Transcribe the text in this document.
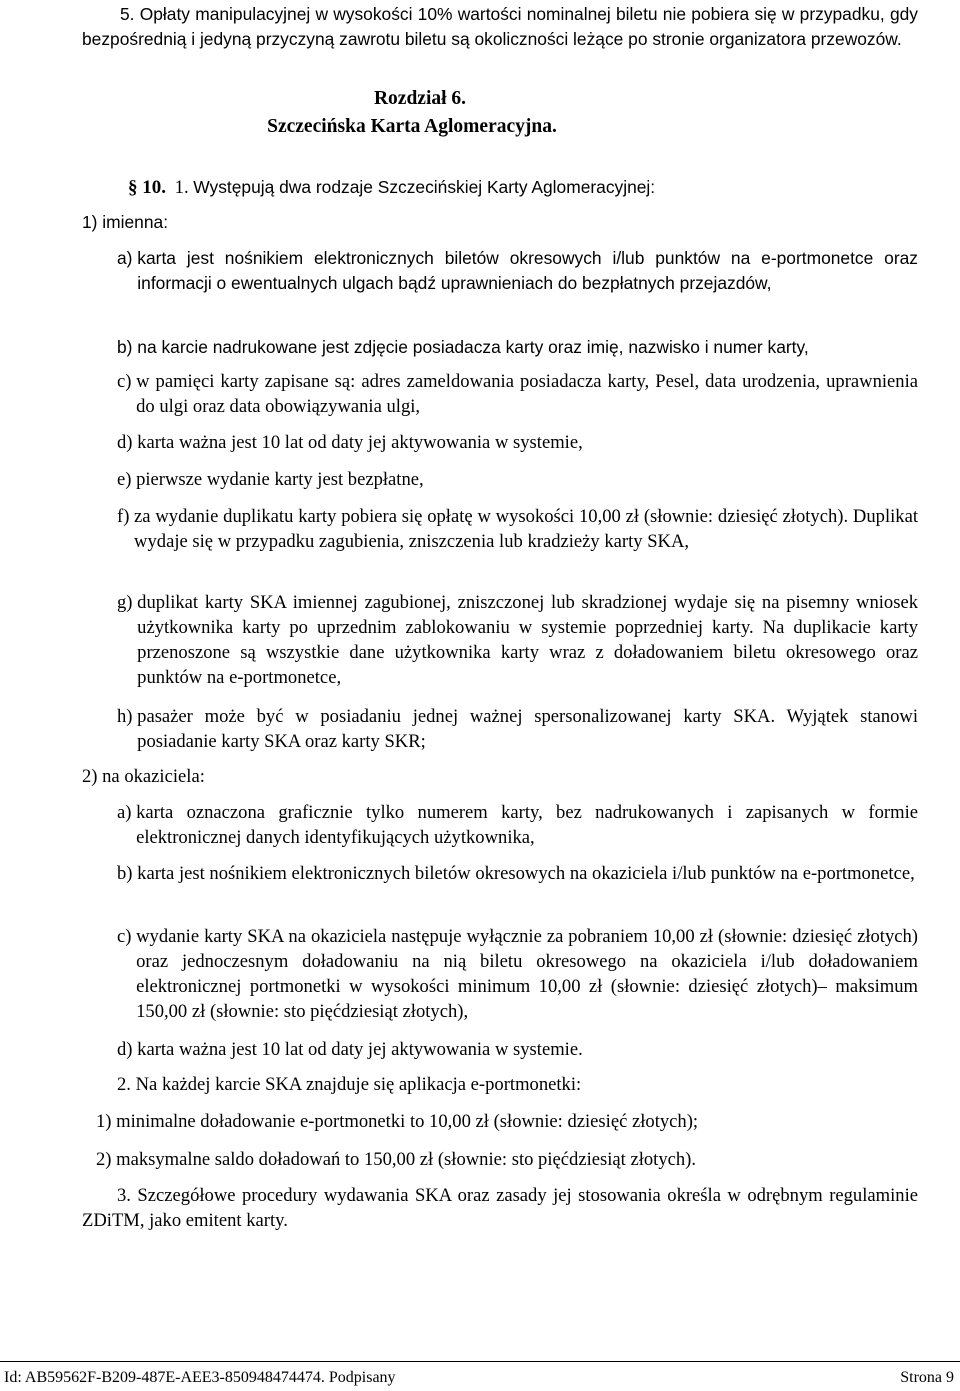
5. Opłaty manipulacyjnej w wysokości 10% wartości nominalnej biletu nie pobiera się w przypadku, gdy bezpośrednią i jedyną przyczyną zawrotu biletu są okoliczności leżące po stronie organizatora przewozów.

Rozdział 6.
Szczecińska Karta Aglomeracyjna.
§ 10. 1. Występują dwa rodzaje Szczecińskiej Karty Aglomeracyjnej:
1) imienna:
a) karta jest nośnikiem elektronicznych biletów okresowych i/lub punktów na e-portmonetce oraz informacji o ewentualnych ulgach bądź uprawnieniach do bezpłatnych przejazdów,
b) na karcie nadrukowane jest zdjęcie posiadacza karty oraz imię, nazwisko i numer karty,
c) w pamięci karty zapisane są: adres zameldowania posiadacza karty, Pesel, data urodzenia, uprawnienia do ulgi oraz data obowiązywania ulgi,
d) karta ważna jest 10 lat od daty jej aktywowania w systemie,
e) pierwsze wydanie karty jest bezpłatne,
f) za wydanie duplikatu karty pobiera się opłatę w wysokości 10,00 zł (słownie: dziesięć złotych). Duplikat wydaje się w przypadku zagubienia, zniszczenia lub kradzieży karty SKA,
g) duplikat karty SKA imiennej zagubionej, zniszczonej lub skradzionej wydaje się na pisemny wniosek użytkownika karty po uprzednim zablokowaniu w systemie poprzedniej karty. Na duplikacie karty przenoszone są wszystkie dane użytkownika karty wraz z doładowaniem biletu okresowego oraz punktów na e-portmonetce,
h) pasażer może być w posiadaniu jednej ważnej spersonalizowanej karty SKA. Wyjątek stanowi posiadanie karty SKA oraz karty SKR;
2) na okaziciela:
a) karta oznaczona graficznie tylko numerem karty, bez nadrukowanych i zapisanych w formie elektronicznej danych identyfikujących użytkownika,
b) karta jest nośnikiem elektronicznych biletów okresowych na okaziciela i/lub punktów na e-portmonetce,
c) wydanie karty SKA na okaziciela następuje wyłącznie za pobraniem 10,00 zł (słownie: dziesięć złotych) oraz jednoczesnym doładowaniu na nią biletu okresowego na okaziciela i/lub doładowaniem elektronicznej portmonetki w wysokości minimum 10,00 zł (słownie: dziesięć złotych)– maksimum 150,00 zł (słownie: sto pięćdziesiąt złotych),
d) karta ważna jest 10 lat od daty jej aktywowania w systemie.
2. Na każdej karcie SKA znajduje się aplikacja e-portmonetki:
1) minimalne doładowanie e-portmonetki to 10,00 zł (słownie: dziesięć złotych);
2) maksymalne saldo doładowań to 150,00 zł (słownie: sto pięćdziesiąt złotych).

3. Szczegółowe procedury wydawania SKA oraz zasady jej stosowania określa w odrębnym regulaminie ZDiTM, jako emitent karty.

Id: AB59562F-B209-487E-AEE3-850948474474. Podpisany	Strona 9
